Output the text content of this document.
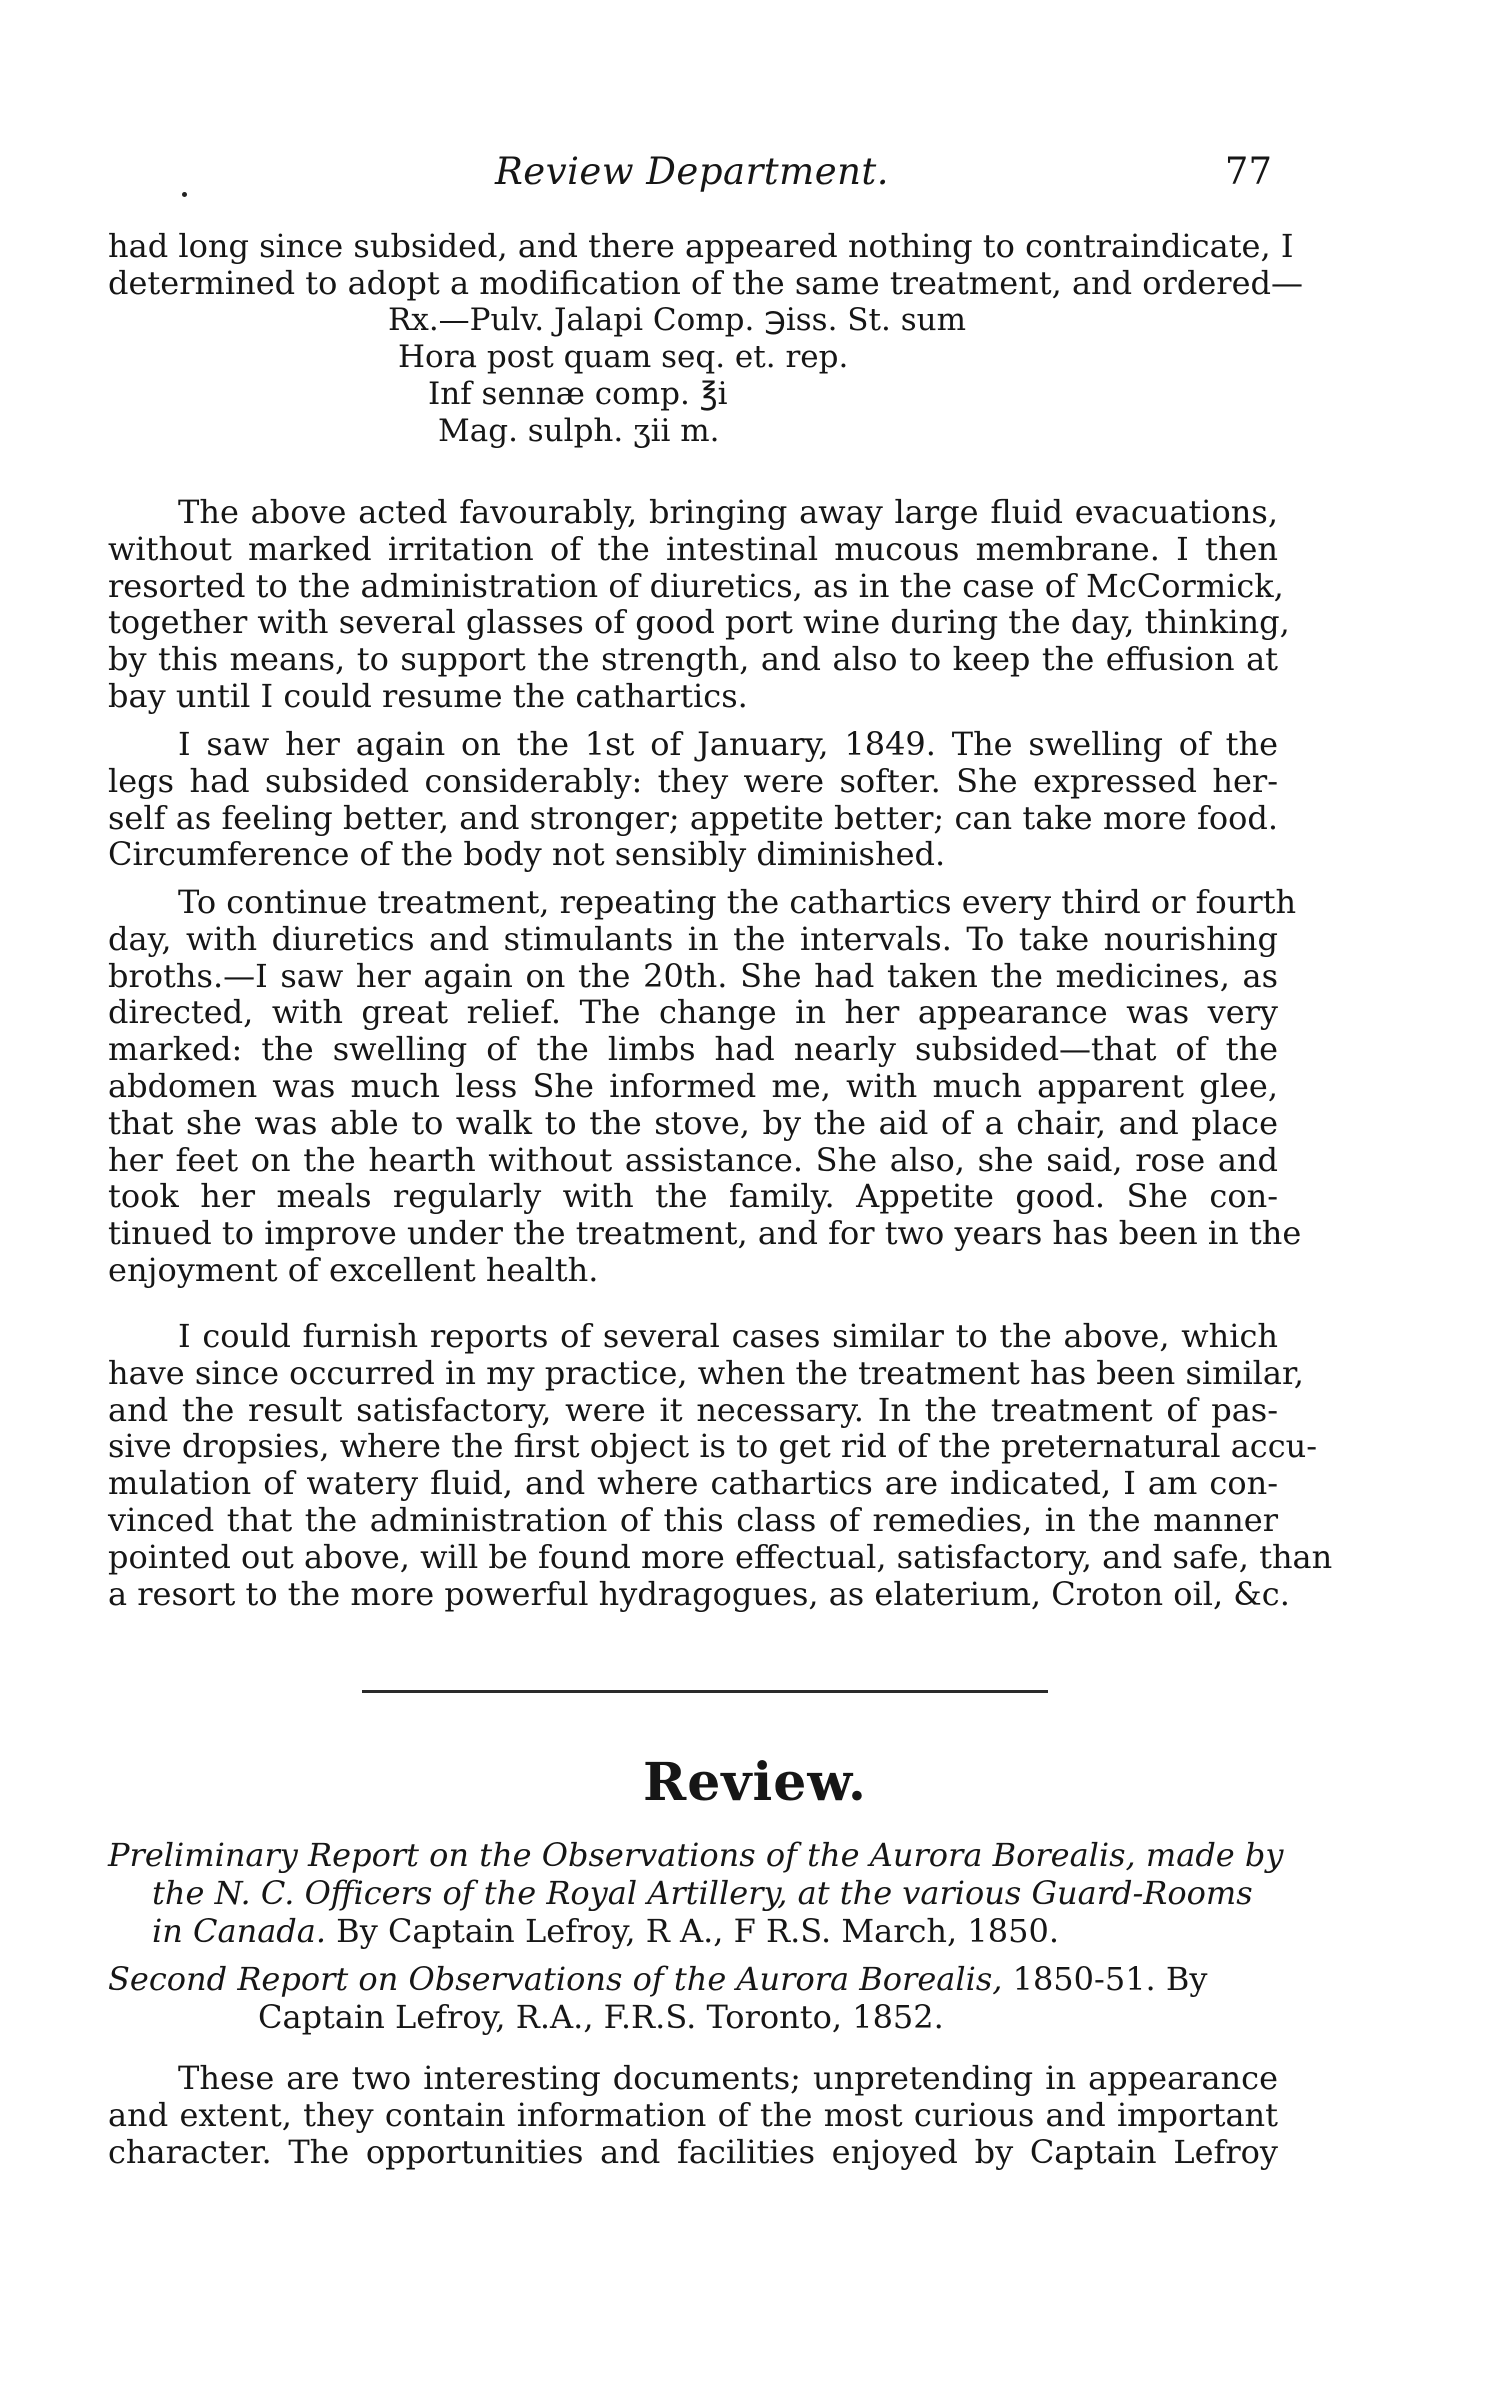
Review Department.	77
had long since subsided, and there appeared nothing to contraindicate, I
determined to adopt a modification of the same treatment, and ordered—
Rx.—Pulv. Jalapi Comp. ℈iss. St. sum
Hora post quam seq. et. rep.
Inf sennæ comp. ℥i
Mag. sulph. ʒii m.
The above acted favourably, bringing away large fluid evacuations,
without marked irritation of the intestinal mucous membrane. I then
resorted to the administration of diuretics, as in the case of McCormick,
together with several glasses of good port wine during the day, thinking,
by this means, to support the strength, and also to keep the effusion at
bay until I could resume the cathartics.
I saw her again on the 1st of January, 1849. The swelling of the
legs had subsided considerably: they were softer. She expressed her-
self as feeling better, and stronger; appetite better; can take more food.
Circumference of the body not sensibly diminished.
To continue treatment, repeating the cathartics every third or fourth
day, with diuretics and stimulants in the intervals. To take nourishing
broths.—I saw her again on the 20th. She had taken the medicines, as
directed, with great relief. The change in her appearance was very
marked: the swelling of the limbs had nearly subsided—that of the
abdomen was much less She informed me, with much apparent glee,
that she was able to walk to the stove, by the aid of a chair, and place
her feet on the hearth without assistance. She also, she said, rose and
took her meals regularly with the family. Appetite good. She con-
tinued to improve under the treatment, and for two years has been in the
enjoyment of excellent health.
I could furnish reports of several cases similar to the above, which
have since occurred in my practice, when the treatment has been similar,
and the result satisfactory, were it necessary. In the treatment of pas-
sive dropsies, where the first object is to get rid of the preternatural accu-
mulation of watery fluid, and where cathartics are indicated, I am con-
vinced that the administration of this class of remedies, in the manner
pointed out above, will be found more effectual, satisfactory, and safe, than
a resort to the more powerful hydragogues, as elaterium, Croton oil, &c.
Review.
Preliminary Report on the Observations of the Aurora Borealis, made by
the N. C. Officers of the Royal Artillery, at the various Guard-Rooms
in Canada. By Captain Lefroy, R A., F R.S. March, 1850.
Second Report on Observations of the Aurora Borealis, 1850-51. By
Captain Lefroy, R.A., F.R.S. Toronto, 1852.
These are two interesting documents; unpretending in appearance
and extent, they contain information of the most curious and important
character. The opportunities and facilities enjoyed by Captain Lefroy
